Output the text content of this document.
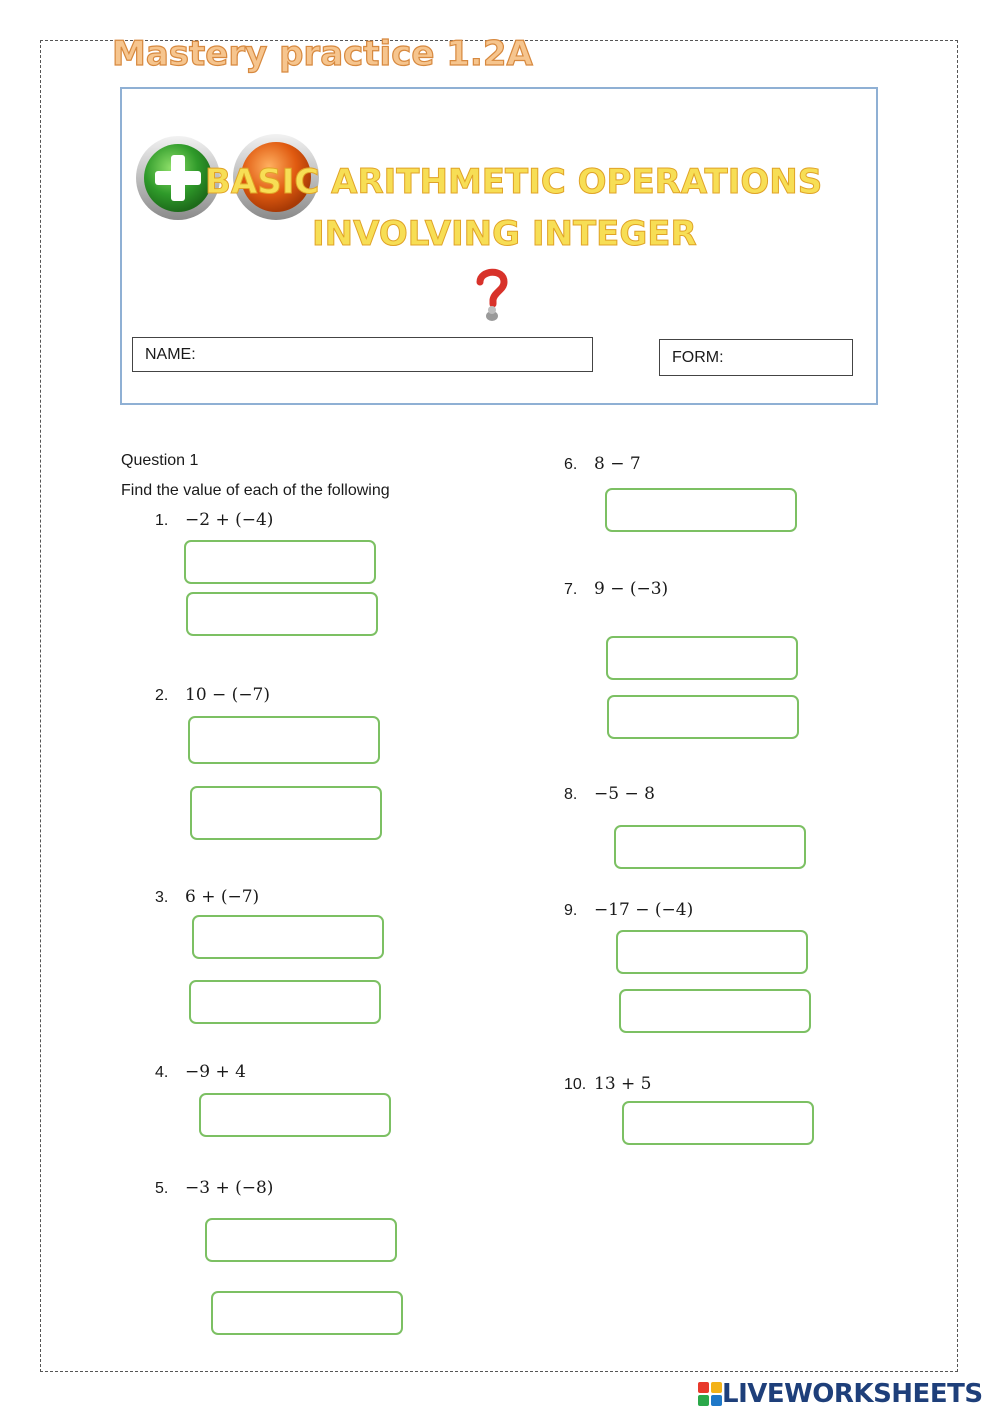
Mastery practice 1.2A
BASIC ARITHMETIC OPERATIONS
INVOLVING INTEGER
NAME:	FORM:
Question 1
Find the value of each of the following
1. −2 + (−4)
2. 10 − (−7)
3. 6 + (−7)
4. −9 + 4
5. −3 + (−8)
6. 8 − 7
7. 9 − (−3)
8. −5 − 8
9. −17 − (−4)
10. 13 + 5
LIVEWORKSHEETS
